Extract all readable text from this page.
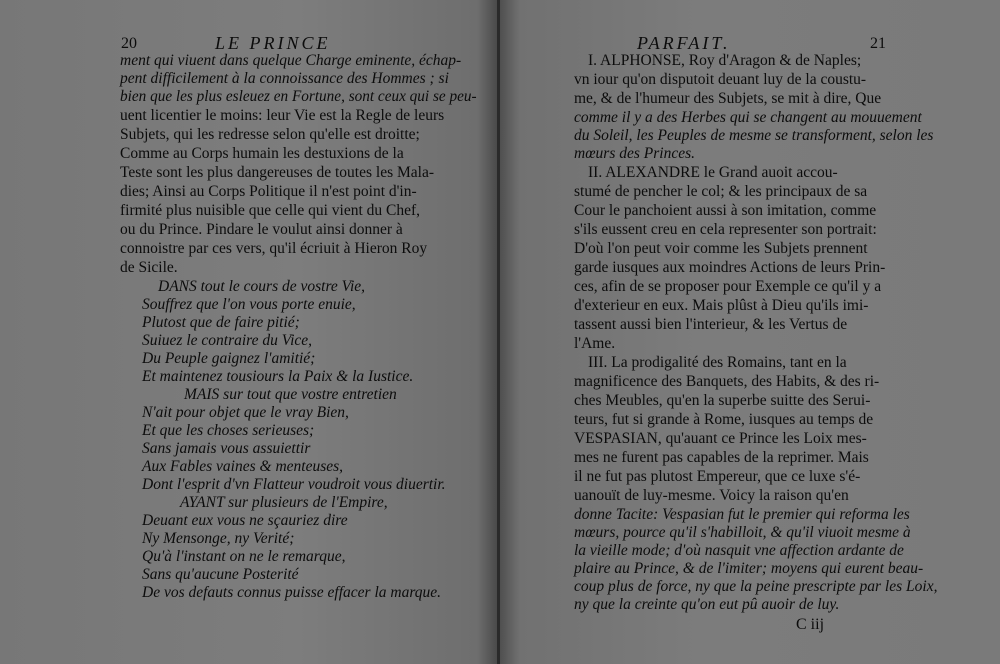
20	LE PRINCE
ment qui viuent dans quelque Charge eminente, échap-
pent difficilement à la connoissance des Hommes ; si
bien que les plus esleuez en Fortune, sont ceux qui se peu-
uent licentier le moins: leur Vie est la Regle de leurs
Subjets, qui les redresse selon qu'elle est droitte;
Comme au Corps humain les destuxions de la
Teste sont les plus dangereuses de toutes les Mala-
dies; Ainsi au Corps Politique il n'est point d'in-
firmité plus nuisible que celle qui vient du Chef,
ou du Prince. Pindare le voulut ainsi donner à
connoistre par ces vers, qu'il écriuit à Hieron Roy
de Sicile.
DANS tout le cours de vostre Vie,
Souffrez que l'on vous porte enuie,
Plutost que de faire pitié;
Suiuez le contraire du Vice,
Du Peuple gaignez l'amitié;
Et maintenez tousiours la Paix & la Iustice.
MAIS sur tout que vostre entretien
N'ait pour objet que le vray Bien,
Et que les choses serieuses;
Sans jamais vous assuiettir
Aux Fables vaines & menteuses,
Dont l'esprit d'vn Flatteur voudroit vous diuertir.
AYANT sur plusieurs de l'Empire,
Deuant eux vous ne sçauriez dire
Ny Mensonge, ny Verité;
Qu'à l'instant on ne le remarque,
Sans qu'aucune Posterité
De vos defauts connus puisse effacer la marque.
PARFAIT.	21
I. ALPHONSE, Roy d'Aragon & de Naples;
vn iour qu'on disputoit deuant luy de la coustu-
me, & de l'humeur des Subjets, se mit à dire, Que
comme il y a des Herbes qui se changent au mouuement
du Soleil, les Peuples de mesme se transforment, selon les
mœurs des Princes.
II. ALEXANDRE le Grand auoit accou-
stumé de pencher le col; & les principaux de sa
Cour le panchoient aussi à son imitation, comme
s'ils eussent creu en cela representer son portrait:
D'où l'on peut voir comme les Subjets prennent
garde iusques aux moindres Actions de leurs Prin-
ces, afin de se proposer pour Exemple ce qu'il y a
d'exterieur en eux. Mais plûst à Dieu qu'ils imi-
tassent aussi bien l'interieur, & les Vertus de
l'Ame.
III. La prodigalité des Romains, tant en la
magnificence des Banquets, des Habits, & des ri-
ches Meubles, qu'en la superbe suitte des Serui-
teurs, fut si grande à Rome, iusques au temps de
VESPASIAN, qu'auant ce Prince les Loix mes-
mes ne furent pas capables de la reprimer. Mais
il ne fut pas plutost Empereur, que ce luxe s'é-
uanouït de luy-mesme. Voicy la raison qu'en
donne Tacite: Vespasian fut le premier qui reforma les
mœurs, pource qu'il s'habilloit, & qu'il viuoit mesme à
la vieille mode; d'où nasquit vne affection ardante de
plaire au Prince, & de l'imiter; moyens qui eurent beau-
coup plus de force, ny que la peine prescripte par les Loix,
ny que la creinte qu'on eut pû auoir de luy.
C iij
